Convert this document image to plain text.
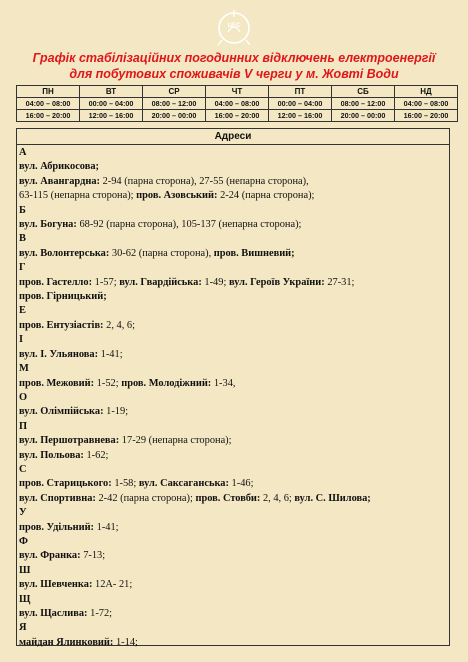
ЦЕС
Графік стабілізаційних погодинних відключень електроенергії
для побутових споживачів V черги у м. Жовті Води
ПН	ВТ	СР	ЧТ	ПТ	СБ	НД
04:00 – 08:00	00:00 – 04:00	08:00 – 12:00	04:00 – 08:00	00:00 – 04:00	08:00 – 12:00	04:00 – 08:00
16:00 – 20:00	12:00 – 16:00	20:00 – 00:00	16:00 – 20:00	12:00 – 16:00	20:00 – 00:00	16:00 – 20:00
Адреси
А
вул. Абрикосова;
вул. Авангардна: 2-94 (парна сторона), 27-55 (непарна сторона),
63-115 (непарна сторона); пров. Азовський: 2-24 (парна сторона);
Б
вул. Богуна: 68-92 (парна сторона), 105-137 (непарна сторона);
В
вул. Волонтерська: 30-62 (парна сторона), пров. Вишневий;
Г
пров. Гастелло: 1-57; вул. Гвардійська: 1-49; вул. Героїв України: 27-31;
пров. Гірницький;
Е
пров. Ентузіастів: 2, 4, 6;
І
вул. І. Ульянова: 1-41;
М
пров. Межовий: 1-52; пров. Молодіжний: 1-34,
О
вул. Олімпійська: 1-19;
П
вул. Першотравнева: 17-29 (непарна сторона);
вул. Польова: 1-62;
С
пров. Старицького: 1-58; вул. Саксаганська: 1-46;
вул. Спортивна: 2-42 (парна сторона); пров. Стовби: 2, 4, 6; вул. С. Шилова;
У
пров. Удільний: 1-41;
Ф
вул. Франка: 7-13;
Ш
вул. Шевченка: 12А- 21;
Щ
вул. Щаслива: 1-72;
Я
майдан Ялинковий: 1-14;
